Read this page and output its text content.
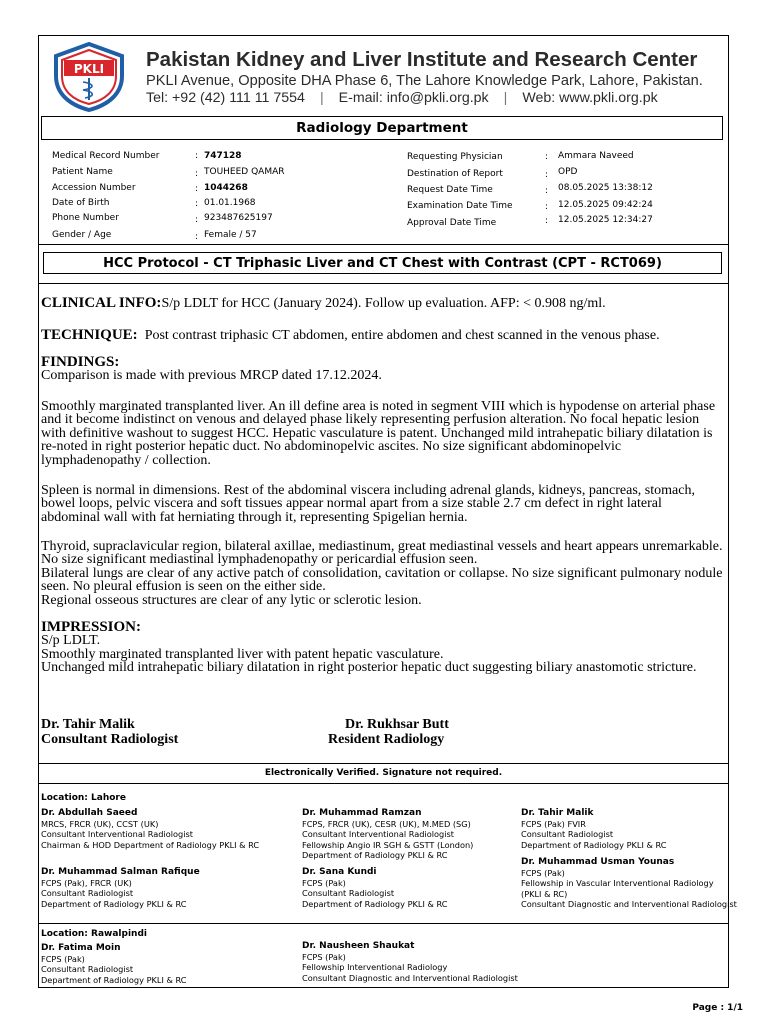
PKLI Pakistan Kidney and Liver Institute and Research Center
PKLI Avenue, Opposite DHA Phase 6, The Lahore Knowledge Park, Lahore, Pakistan.
Tel: +92 (42) 111 11 7554 | E-mail: info@pkli.org.pk | Web: www.pkli.org.pk
Radiology Department
Medical Record Number	: 747128
Patient Name	: TOUHEED QAMAR
Accession Number	: 1044268
Date of Birth	: 01.01.1968
Phone Number	: 923487625197
Gender / Age	: Female / 57
Requesting Physician	: Ammara Naveed
Destination of Report	: OPD
Request Date Time	: 08.05.2025 13:38:12
Examination Date Time	: 12.05.2025 09:42:24
Approval Date Time	: 12.05.2025 12:34:27
HCC Protocol - CT Triphasic Liver and CT Chest with Contrast (CPT - RCT069)

CLINICAL INFO:S/p LDLT for HCC (January 2024). Follow up evaluation. AFP: < 0.908 ng/ml.

TECHNIQUE: Post contrast triphasic CT abdomen, entire abdomen and chest scanned in the venous phase.

FINDINGS:

Comparison is made with previous MRCP dated 17.12.2024.

Smoothly marginated transplanted liver. An ill define area is noted in segment VIII which is hypodense on arterial phase and it become indistinct on venous and delayed phase likely representing perfusion alteration. No focal hepatic lesion with definitive washout to suggest HCC. Hepatic vasculature is patent. Unchanged mild intrahepatic biliary dilatation is re-noted in right posterior hepatic duct. No abdominopelvic ascites. No size significant abdominopelvic lymphadenopathy / collection.

Spleen is normal in dimensions. Rest of the abdominal viscera including adrenal glands, kidneys, pancreas, stomach, bowel loops, pelvic viscera and soft tissues appear normal apart from a size stable 2.7 cm defect in right lateral abdominal wall with fat herniating through it, representing Spigelian hernia.

Thyroid, supraclavicular region, bilateral axillae, mediastinum, great mediastinal vessels and heart appears unremarkable. No size significant mediastinal lymphadenopathy or pericardial effusion seen.

Bilateral lungs are clear of any active patch of consolidation, cavitation or collapse. No size significant pulmonary nodule seen. No pleural effusion is seen on the either side.

Regional osseous structures are clear of any lytic or sclerotic lesion.

IMPRESSION:

S/p LDLT.

Smoothly marginated transplanted liver with patent hepatic vasculature.

Unchanged mild intrahepatic biliary dilatation in right posterior hepatic duct suggesting biliary anastomotic stricture.

Dr. Tahir Malik
Consultant Radiologist
Dr. Rukhsar Butt
Resident Radiology
Electronically Verified. Signature not required.
Location: Lahore
Dr. Abdullah Saeed
MRCS, FRCR (UK), CCST (UK)
Consultant Interventional Radiologist
Chairman & HOD Department of Radiology PKLI & RC
Dr. Muhammad Ramzan
FCPS, FRCR (UK), CESR (UK), M.MED (SG)
Consultant Interventional Radiologist
Fellowship Angio IR SGH & GSTT (London)
Department of Radiology PKLI & RC
Dr. Tahir Malik
FCPS (Pak) FVIR
Consultant Radiologist
Department of Radiology PKLI & RC
Dr. Muhammad Salman Rafique
FCPS (Pak), FRCR (UK)
Consultant Radiologist
Department of Radiology PKLI & RC
Dr. Sana Kundi
FCPS (Pak)
Consultant Radiologist
Department of Radiology PKLI & RC
Dr. Muhammad Usman Younas
FCPS (Pak)
Fellowship in Vascular Interventional Radiology
(PKLI & RC)
Consultant Diagnostic and Interventional Radiologist
Location: Rawalpindi
Dr. Fatima Moin
FCPS (Pak)
Consultant Radiologist
Department of Radiology PKLI & RC
Dr. Nausheen Shaukat
FCPS (Pak)
Fellowship Interventional Radiology
Consultant Diagnostic and Interventional Radiologist
Page : 1/1
